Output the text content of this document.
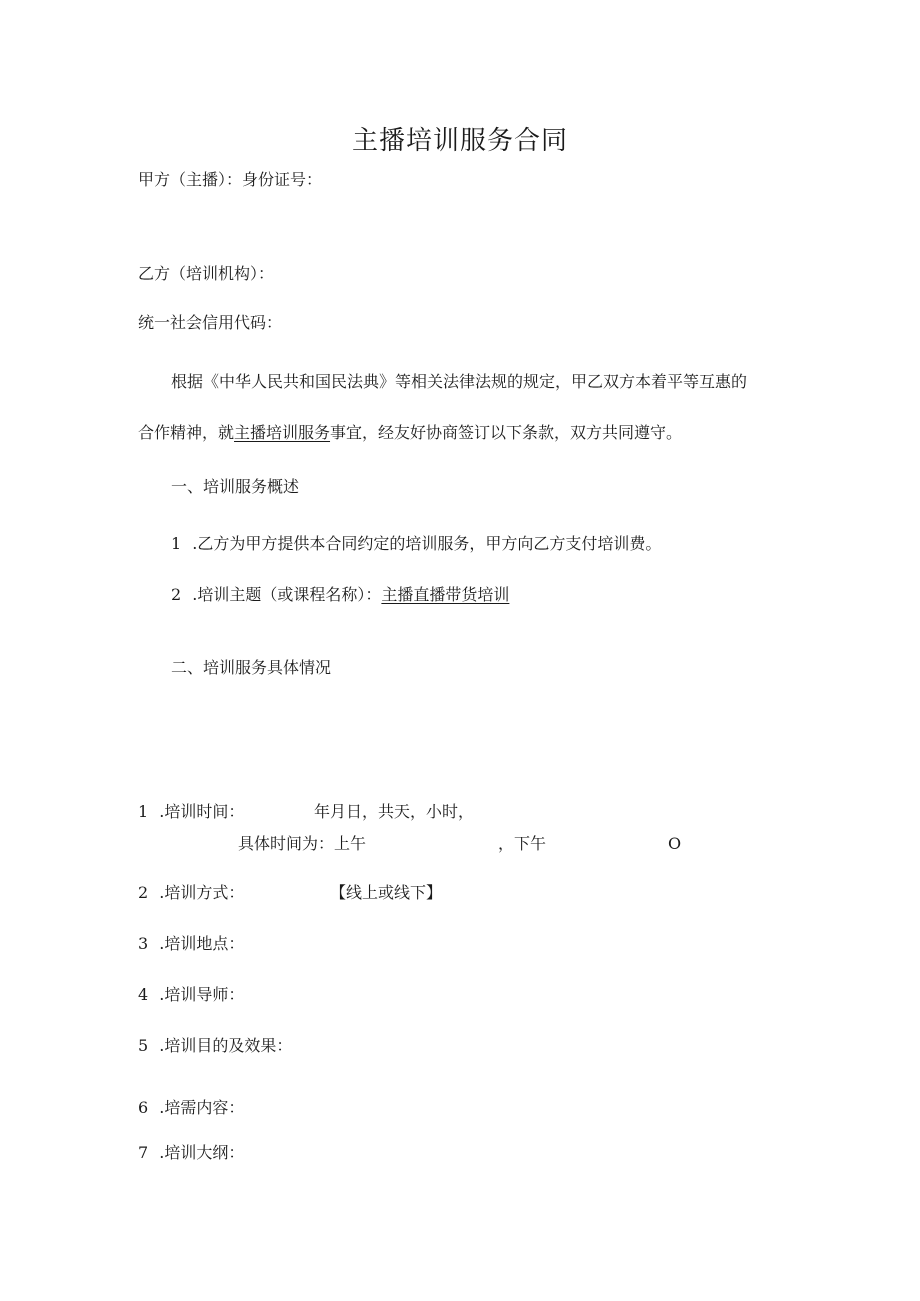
主播培训服务合同
甲方（主播）：身份证号：
乙方（培训机构）：
统一社会信用代码：
根据《中华人民共和国民法典》等相关法律法规的规定，甲乙双方本着平等互惠的
合作精神，就主播培训服务事宜，经友好协商签订以下条款，双方共同遵守。
一、培训服务概述
1 .乙方为甲方提供本合同约定的培训服务，甲方向乙方支付培训费。
2 .培训主题（或课程名称）：主播直播带货培训
二、培训服务具体情况
1 .培训时间：	年月日，共天，小时，
具体时间为：上午	，下午	O
2 .培训方式：	【线上或线下】
3 .培训地点：
4 .培训导师：
5 .培训目的及效果：
6 .培需内容：
7 .培训大纲：
